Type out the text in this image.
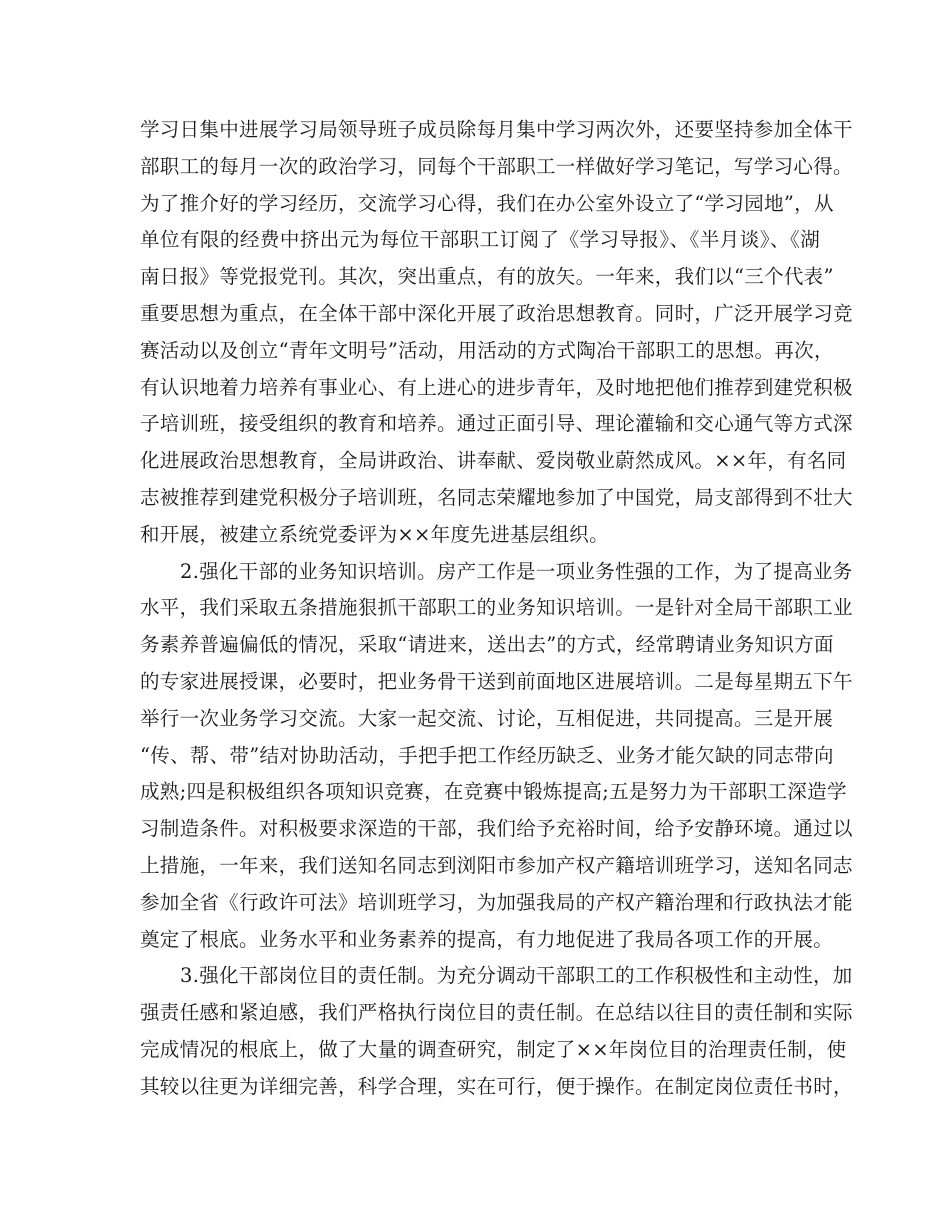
学习日集中进展学习局领导班子成员除每月集中学习两次外，还要坚持参加全体干
部职工的每月一次的政治学习，同每个干部职工一样做好学习笔记，写学习心得。
为了推介好的学习经历，交流学习心得，我们在办公室外设立了“学习园地”，从
单位有限的经费中挤出元为每位干部职工订阅了《学习导报》、《半月谈》、《湖
南日报》等党报党刊。其次，突出重点，有的放矢。一年来，我们以“三个代表”
重要思想为重点，在全体干部中深化开展了政治思想教育。同时，广泛开展学习竞
赛活动以及创立“青年文明号”活动，用活动的方式陶冶干部职工的思想。再次，
有认识地着力培养有事业心、有上进心的进步青年，及时地把他们推荐到建党积极
子培训班，接受组织的教育和培养。通过正面引导、理论灌输和交心通气等方式深
化进展政治思想教育，全局讲政治、讲奉献、爱岗敬业蔚然成风。××年，有名同
志被推荐到建党积极分子培训班，名同志荣耀地参加了中国党，局支部得到不壮大
和开展，被建立系统党委评为××年度先进基层组织。
2.强化干部的业务知识培训。房产工作是一项业务性强的工作，为了提高业务
水平，我们采取五条措施狠抓干部职工的业务知识培训。一是针对全局干部职工业
务素养普遍偏低的情况，采取“请进来，送出去”的方式，经常聘请业务知识方面
的专家进展授课，必要时，把业务骨干送到前面地区进展培训。二是每星期五下午
举行一次业务学习交流。大家一起交流、讨论，互相促进，共同提高。三是开展
“传、帮、带”结对协助活动，手把手把工作经历缺乏、业务才能欠缺的同志带向
成熟;四是积极组织各项知识竞赛，在竞赛中锻炼提高;五是努力为干部职工深造学
习制造条件。对积极要求深造的干部，我们给予充裕时间，给予安静环境。通过以
上措施，一年来，我们送知名同志到浏阳市参加产权产籍培训班学习，送知名同志
参加全省《行政许可法》培训班学习，为加强我局的产权产籍治理和行政执法才能
奠定了根底。业务水平和业务素养的提高，有力地促进了我局各项工作的开展。
3.强化干部岗位目的责任制。为充分调动干部职工的工作积极性和主动性，加
强责任感和紧迫感，我们严格执行岗位目的责任制。在总结以往目的责任制和实际
完成情况的根底上，做了大量的调查研究，制定了××年岗位目的治理责任制，使
其较以往更为详细完善，科学合理，实在可行，便于操作。在制定岗位责任书时，
